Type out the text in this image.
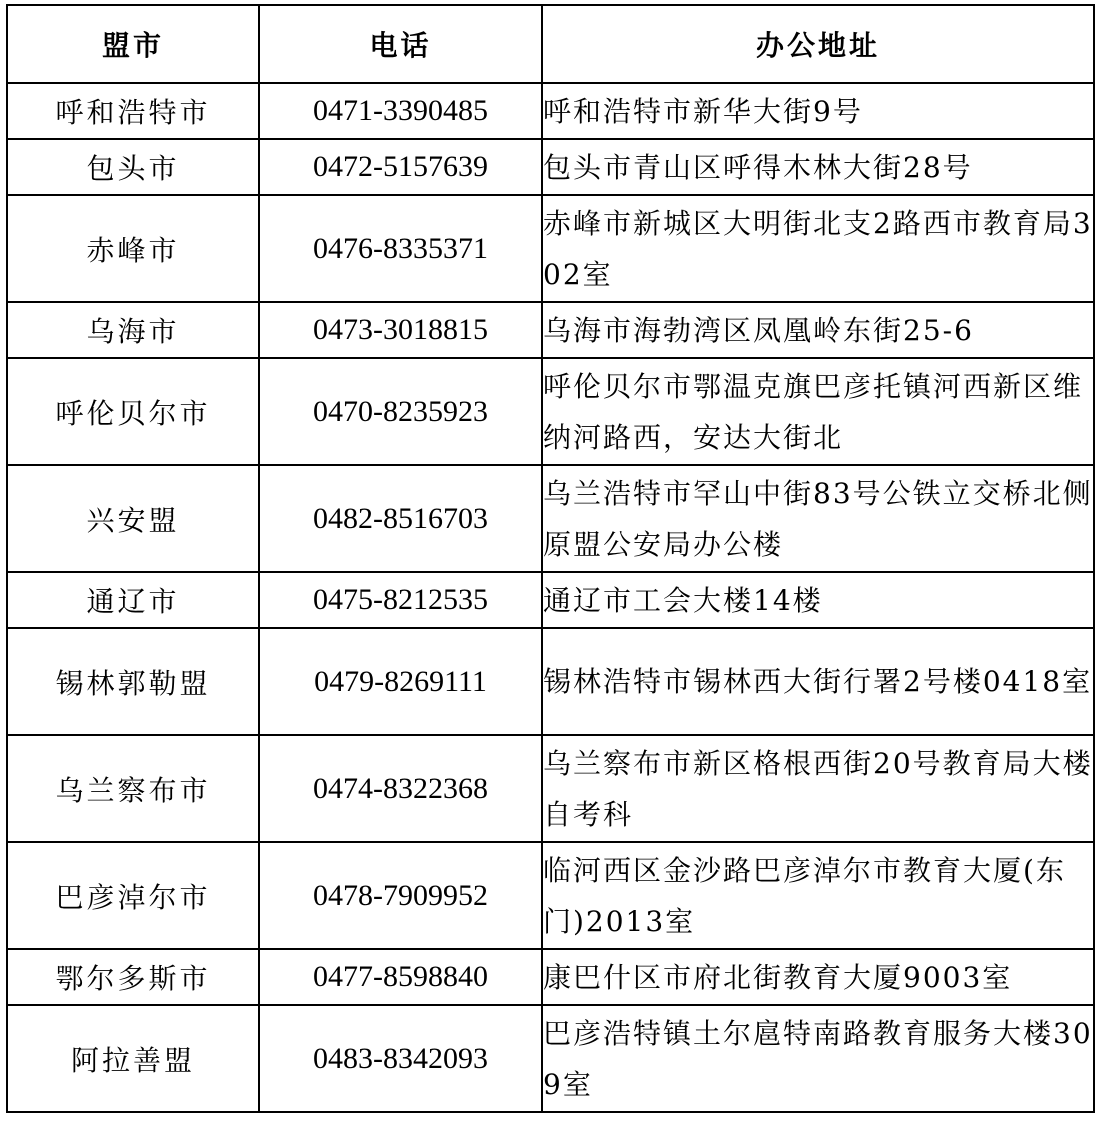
盟市	电话	办公地址
呼和浩特市	0471-3390485	呼和浩特市新华大街9号
包头市	0472-5157639	包头市青山区呼得木林大街28号
赤峰市	0476-8335371	赤峰市新城区大明街北支2路西市教育局302室
乌海市	0473-3018815	乌海市海勃湾区凤凰岭东街25-6
呼伦贝尔市	0470-8235923	呼伦贝尔市鄂温克旗巴彦托镇河西新区维纳河路西，安达大街北
兴安盟	0482-8516703	乌兰浩特市罕山中街83号公铁立交桥北侧原盟公安局办公楼
通辽市	0475-8212535	通辽市工会大楼14楼
锡林郭勒盟	0479-8269111	锡林浩特市锡林西大街行署2号楼0418室
乌兰察布市	0474-8322368	乌兰察布市新区格根西街20号教育局大楼自考科
巴彦淖尔市	0478-7909952	临河西区金沙路巴彦淖尔市教育大厦(东门)2013室
鄂尔多斯市	0477-8598840	康巴什区市府北街教育大厦9003室
阿拉善盟	0483-8342093	巴彦浩特镇土尔扈特南路教育服务大楼309室
